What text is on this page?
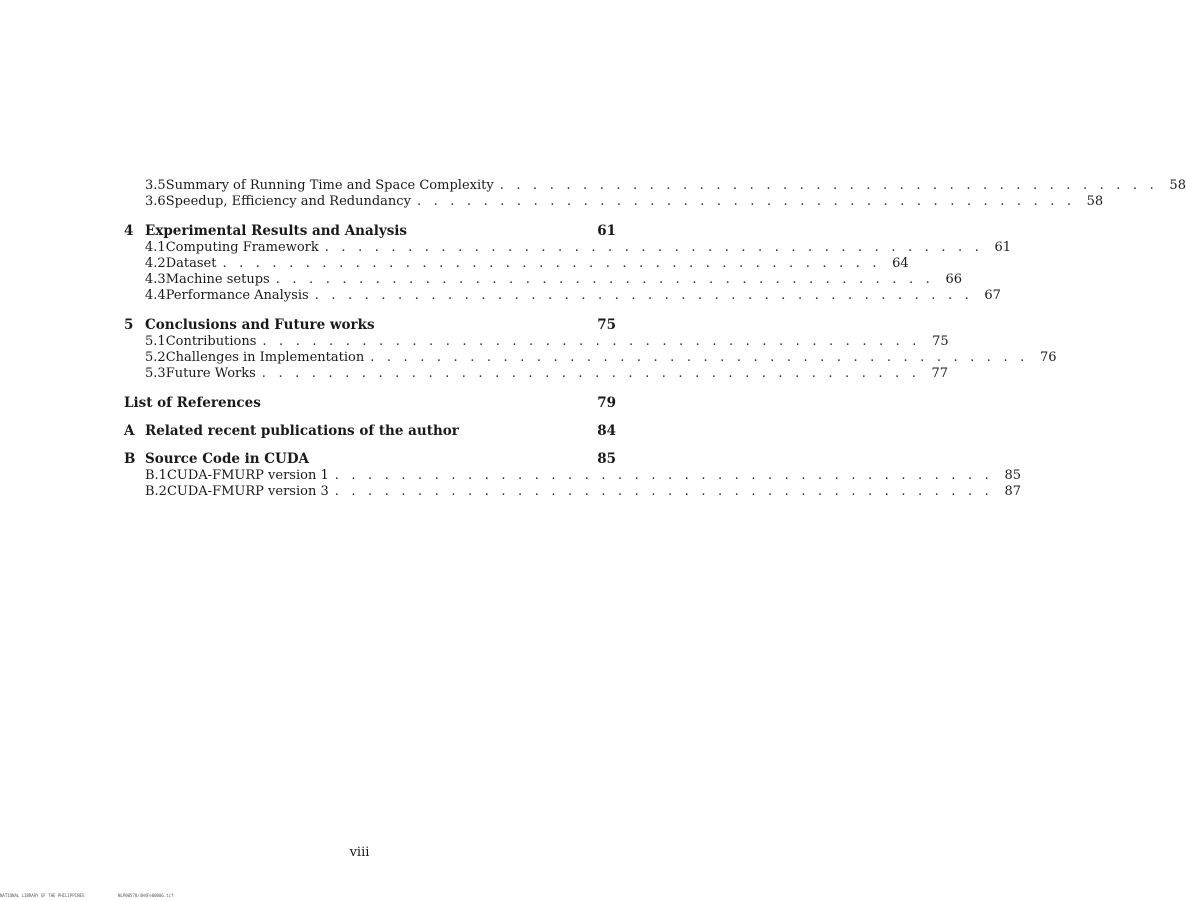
3.5 Summary of Running Time and Space Complexity . . . . . . . . . . . . . . . . . . . . . . . . . . . . . . . . . . . . . . . . 58
3.6 Speedup, Efficiency and Redundancy . . . . . . . . . . . . . . . . . . . . . . . . . . . . . . . . . . . . . . . . 58
4 Experimental Results and Analysis	61
4.1 Computing Framework . . . . . . . . . . . . . . . . . . . . . . . . . . . . . . . . . . . . . . . . 61
4.2 Dataset . . . . . . . . . . . . . . . . . . . . . . . . . . . . . . . . . . . . . . . . 64
4.3 Machine setups . . . . . . . . . . . . . . . . . . . . . . . . . . . . . . . . . . . . . . . . 66
4.4 Performance Analysis . . . . . . . . . . . . . . . . . . . . . . . . . . . . . . . . . . . . . . . . 67
5 Conclusions and Future works	75
5.1 Contributions . . . . . . . . . . . . . . . . . . . . . . . . . . . . . . . . . . . . . . . . 75
5.2 Challenges in Implementation . . . . . . . . . . . . . . . . . . . . . . . . . . . . . . . . . . . . . . . . 76
5.3 Future Works . . . . . . . . . . . . . . . . . . . . . . . . . . . . . . . . . . . . . . . . 77
List of References	79
A Related recent publications of the author	84
B Source Code in CUDA	85
B.1 CUDA-FMURP version 1 . . . . . . . . . . . . . . . . . . . . . . . . . . . . . . . . . . . . . . . . 85
B.2 CUDA-FMURP version 3 . . . . . . . . . . . . . . . . . . . . . . . . . . . . . . . . . . . . . . . . 87
viii
NATIONAL LIBRARY OF THE PHILIPPINES	NLP00578/4H4Fe00006.tif
